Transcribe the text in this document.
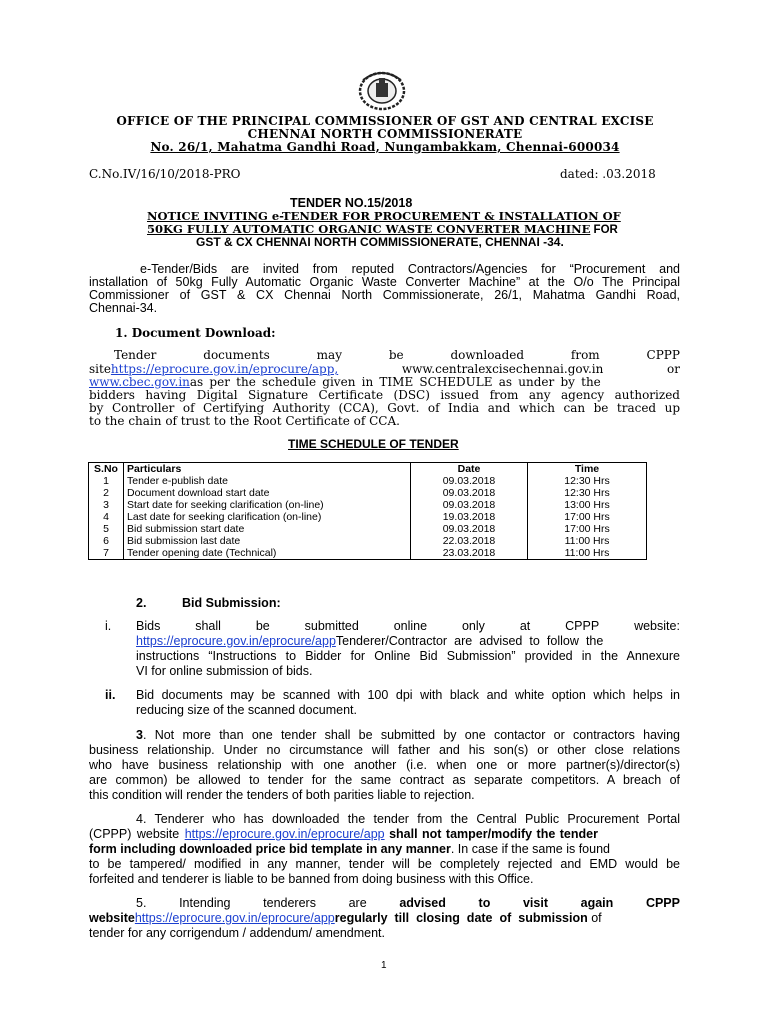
OFFICE OF THE PRINCIPAL COMMISSIONER OF GST AND CENTRAL EXCISE
CHENNAI NORTH COMMISSIONERATE
No. 26/1, Mahatma Gandhi Road, Nungambakkam, Chennai-600034
C.No.IV/16/10/2018-PRO	dated: .03.2018
TENDER NO.15/2018
NOTICE INVITING e-TENDER FOR PROCUREMENT & INSTALLATION OF
50KG FULLY AUTOMATIC ORGANIC WASTE CONVERTER MACHINE FOR
GST & CX CHENNAI NORTH COMMISSIONERATE, CHENNAI -34.
e-Tender/Bids are invited from reputed Contractors/Agencies for “Procurement and
installation of 50kg Fully Automatic Organic Waste Converter Machine” at the O/o The Principal
Commissioner of GST & CX Chennai North Commissionerate, 26/1, Mahatma Gandhi Road,
Chennai-34.
1. Document Download:
Tender	documents	may	be	downloaded	from	CPPP
sitehttps://eprocure.gov.in/eprocure/app,	www.centralexcisechennai.gov.in	or
www.cbec.gov.inas per the schedule given in TIME SCHEDULE as under by the
bidders having Digital Signature Certificate (DSC) issued from any agency authorized
by Controller of Certifying Authority (CCA), Govt. of India and which can be traced up
to the chain of trust to the Root Certificate of CCA.
TIME SCHEDULE OF TENDER
S.No	Particulars	Date	Time
1	Tender e-publish date	09.03.2018	12:30 Hrs
2	Document download start date	09.03.2018	12:30 Hrs
3	Start date for seeking clarification (on-line)	09.03.2018	13:00 Hrs
4	Last date for seeking clarification (on-line)	19.03.2018	17:00 Hrs
5	Bid submission start date	09.03.2018	17:00 Hrs
6	Bid submission last date	22.03.2018	11:00 Hrs
7	Tender opening date (Technical)	23.03.2018	11:00 Hrs
2.	Bid Submission:
i. Bids	shall	be	submitted	online	only	at	CPPP	website:
https://eprocure.gov.in/eprocure/appTenderer/Contractor are advised to follow the
instructions “Instructions to Bidder for Online Bid Submission” provided in the Annexure
VI for online submission of bids.
ii. Bid documents may be scanned with 100 dpi with black and white option which helps in
reducing size of the scanned document.
3. Not more than one tender shall be submitted by one contactor or contractors having
business relationship. Under no circumstance will father and his son(s) or other close relations
who have business relationship with one another (i.e. when one or more partner(s)/director(s)
are common) be allowed to tender for the same contract as separate competitors. A breach of
this condition will render the tenders of both parities liable to rejection.
4. Tenderer who has downloaded the tender from the Central Public Procurement Portal
(CPPP) website https://eprocure.gov.in/eprocure/app shall not tamper/modify the tender
form including downloaded price bid template in any manner. In case if the same is found
to be tampered/ modified in any manner, tender will be completely rejected and EMD would be
forfeited and tenderer is liable to be banned from doing business with this Office.
5.	Intending	tenderers	are	advised	to	visit	again	CPPP
websitehttps://eprocure.gov.in/eprocure/appregularly till closing date of submission of
tender for any corrigendum / addendum/ amendment.
1
